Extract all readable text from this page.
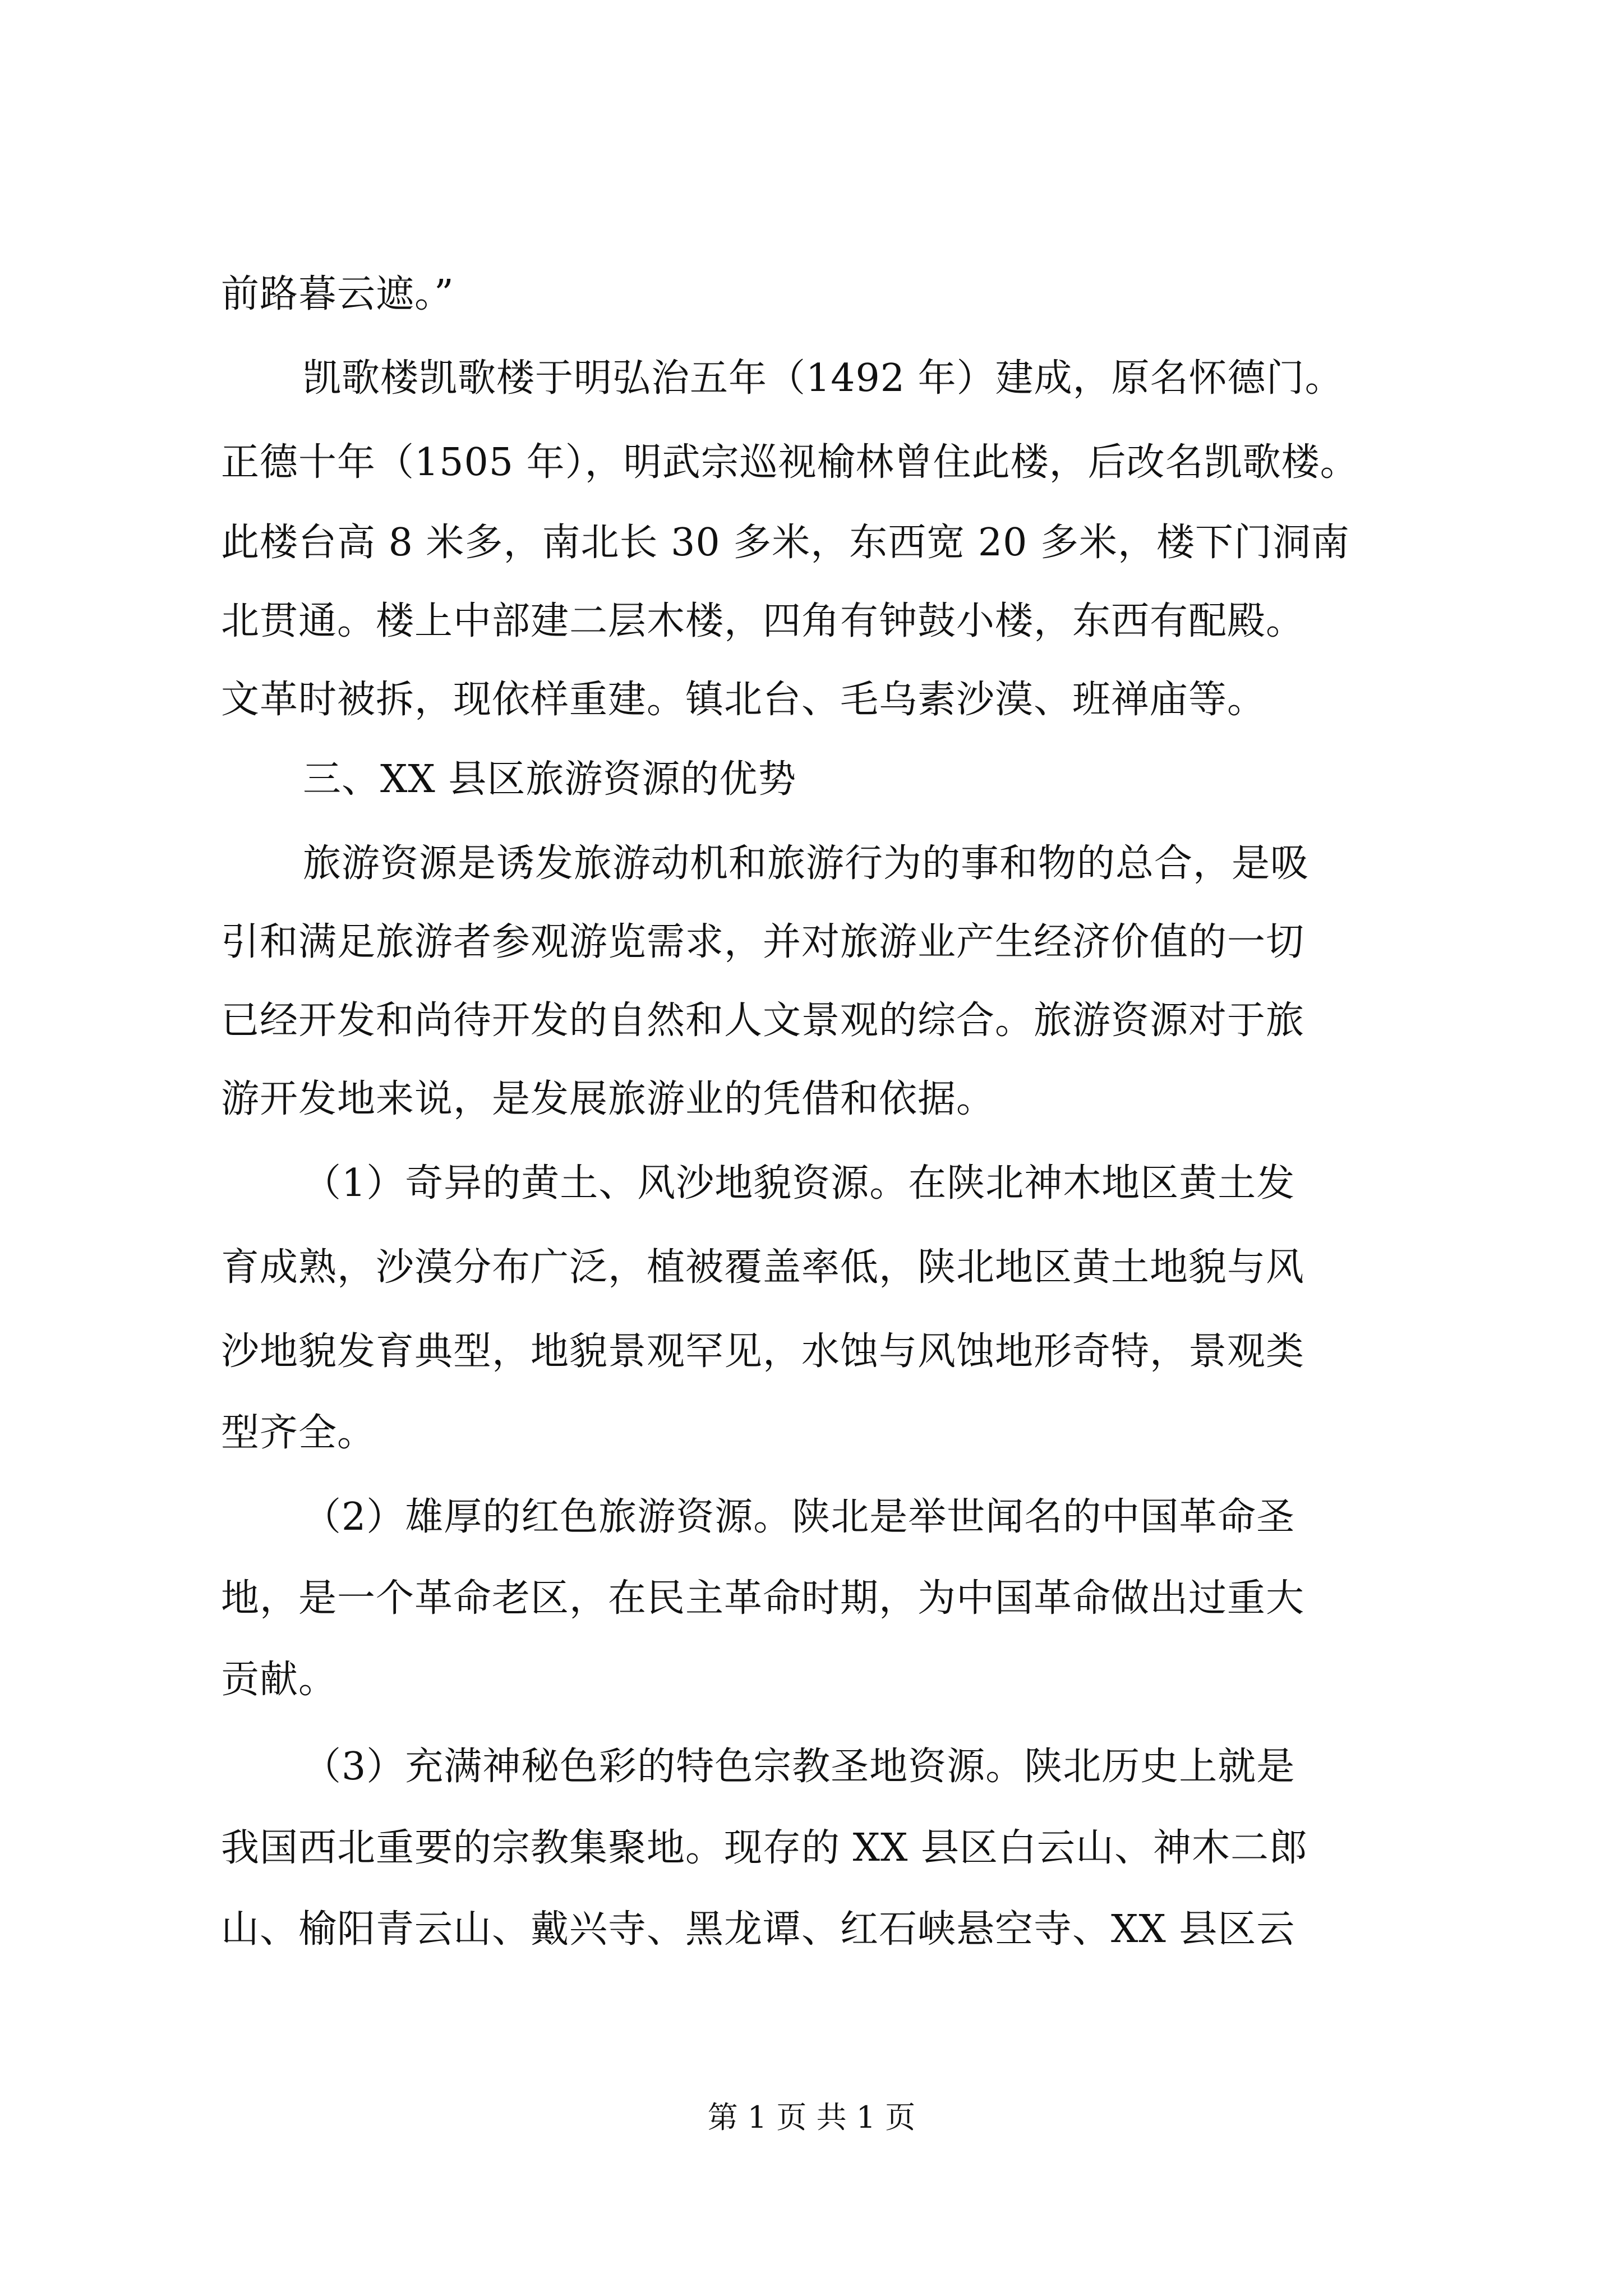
前路暮云遮。”

凯歌楼凯歌楼于明弘治五年（1492 年）建成，原名怀德门。

正德十年（1505 年），明武宗巡视榆林曾住此楼，后改名凯歌楼。

此楼台高 8 米多，南北长 30 多米，东西宽 20 多米，楼下门洞南

北贯通。楼上中部建二层木楼，四角有钟鼓小楼，东西有配殿。

文革时被拆，现依样重建。镇北台、毛乌素沙漠、班禅庙等。

三、XX 县区旅游资源的优势

旅游资源是诱发旅游动机和旅游行为的事和物的总合，是吸

引和满足旅游者参观游览需求，并对旅游业产生经济价值的一切

已经开发和尚待开发的自然和人文景观的综合。旅游资源对于旅

游开发地来说，是发展旅游业的凭借和依据。

（1）奇异的黄土、风沙地貌资源。在陕北神木地区黄土发

育成熟，沙漠分布广泛，植被覆盖率低，陕北地区黄土地貌与风

沙地貌发育典型，地貌景观罕见，水蚀与风蚀地形奇特，景观类

型齐全。

（2）雄厚的红色旅游资源。陕北是举世闻名的中国革命圣

地，是一个革命老区，在民主革命时期，为中国革命做出过重大

贡献。

（3）充满神秘色彩的特色宗教圣地资源。陕北历史上就是

我国西北重要的宗教集聚地。现存的 XX 县区白云山、神木二郎

山、榆阳青云山、戴兴寺、黑龙谭、红石峡悬空寺、XX 县区云

第 1 页 共 1 页
